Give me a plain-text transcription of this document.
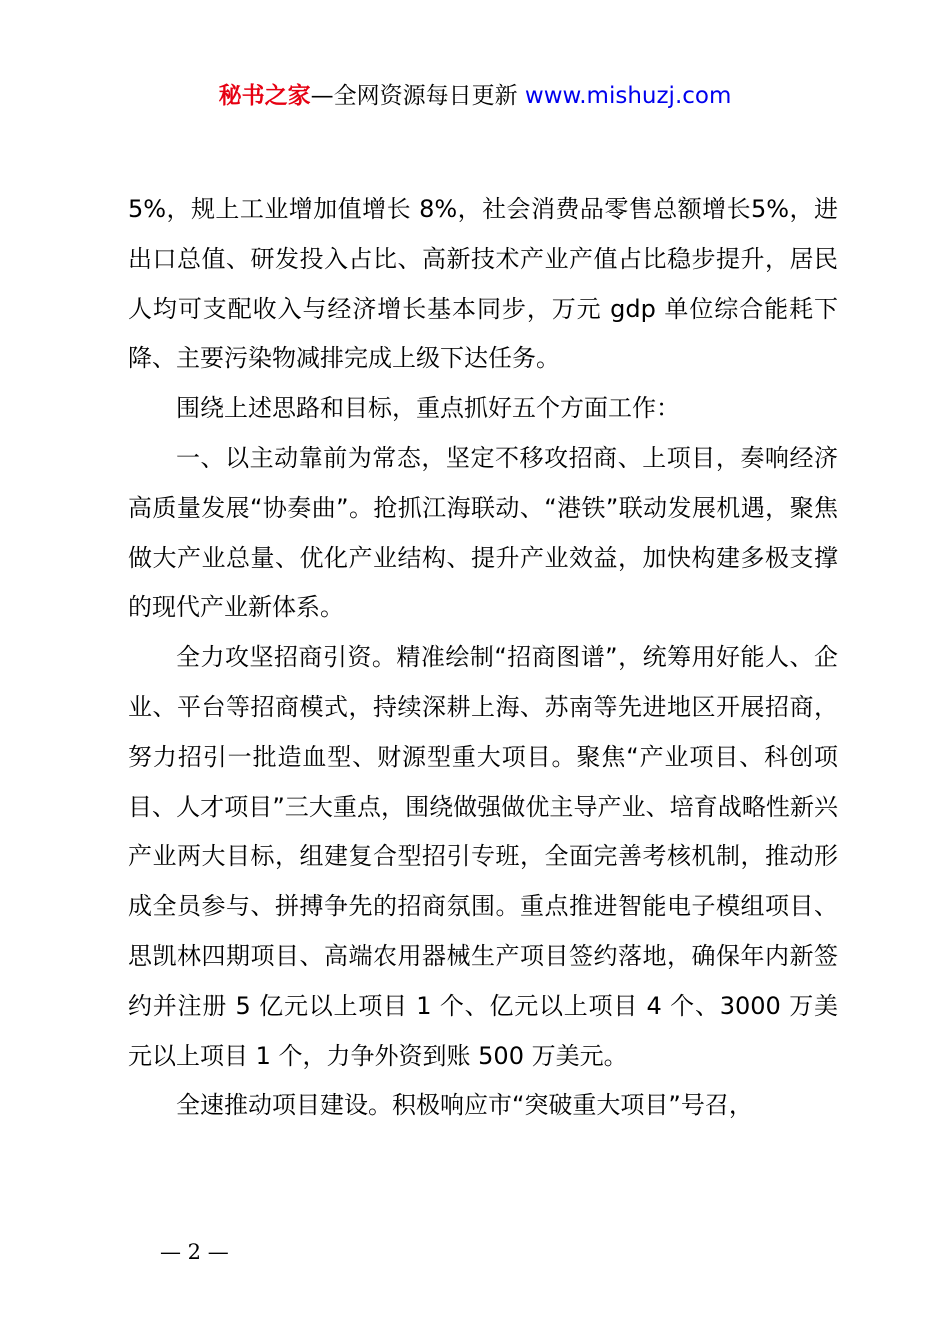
秘书之家—全网资源每日更新 www.mishuzj.com

5%，规上工业增加值增长 8%，社会消费品零售总额增长5%，进出口总值、研发投入占比、高新技术产业产值占比稳步提升，居民人均可支配收入与经济增长基本同步，万元 gdp 单位综合能耗下降、主要污染物减排完成上级下达任务。

围绕上述思路和目标，重点抓好五个方面工作：

一、以主动靠前为常态，坚定不移攻招商、上项目，奏响经济高质量发展“协奏曲”。抢抓江海联动、“港铁”联动发展机遇，聚焦做大产业总量、优化产业结构、提升产业效益，加快构建多极支撑的现代产业新体系。

全力攻坚招商引资。精准绘制“招商图谱”，统筹用好能人、企业、平台等招商模式，持续深耕上海、苏南等先进地区开展招商，努力招引一批造血型、财源型重大项目。聚焦“产业项目、科创项目、人才项目”三大重点，围绕做强做优主导产业、培育战略性新兴产业两大目标，组建复合型招引专班，全面完善考核机制，推动形成全员参与、拼搏争先的招商氛围。重点推进智能电子模组项目、思凯林四期项目、高端农用器械生产项目签约落地，确保年内新签约并注册 5 亿元以上项目 1 个、亿元以上项目 4 个、3000 万美元以上项目 1 个，力争外资到账 500 万美元。

全速推动项目建设。积极响应市“突破重大项目”号召，

— 2 —
